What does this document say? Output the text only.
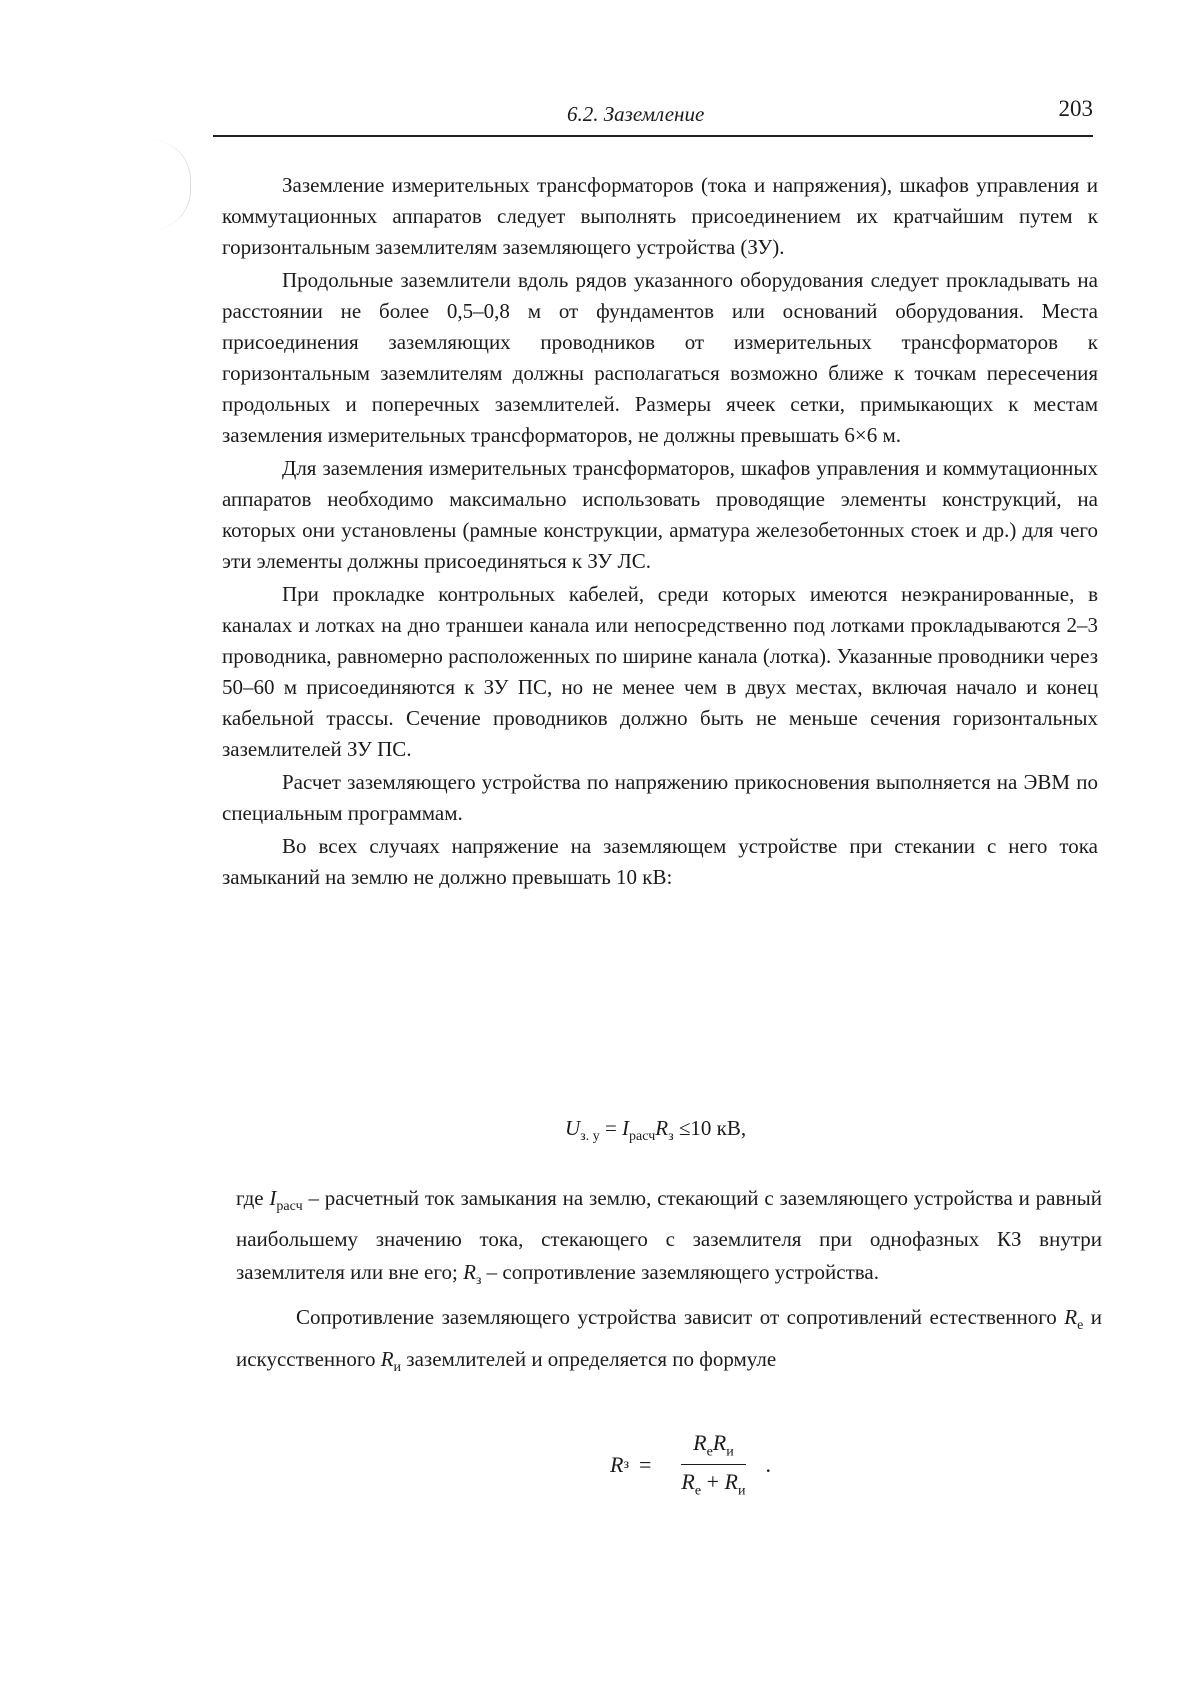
6.2. Заземление	203

Заземление измерительных трансформаторов (тока и напряжения), шкафов управления и коммутационных аппаратов следует выполнять присоединением их кратчайшим путем к горизонтальным заземлителям заземляющего устройства (ЗУ).

Продольные заземлители вдоль рядов указанного оборудования следует прокладывать на расстоянии не более 0,5–0,8 м от фундаментов или оснований оборудования. Места присоединения заземляющих проводников от измерительных трансформаторов к горизонтальным заземлителям должны располагаться возможно ближе к точкам пересечения продольных и поперечных заземлителей. Размеры ячеек сетки, примыкающих к местам заземления измерительных трансформаторов, не должны превышать 6×6 м.

Для заземления измерительных трансформаторов, шкафов управления и коммутационных аппаратов необходимо максимально использовать проводящие элементы конструкций, на которых они установлены (рамные конструкции, арматура железобетонных стоек и др.) для чего эти элементы должны присоединяться к ЗУ ЛС.

При прокладке контрольных кабелей, среди которых имеются неэкранированные, в каналах и лотках на дно траншеи канала или непосредственно под лотками прокладываются 2–3 проводника, равномерно расположенных по ширине канала (лотка). Указанные проводники через 50–60 м присоединяются к ЗУ ПС, но не менее чем в двух местах, включая начало и конец кабельной трассы. Сечение проводников должно быть не меньше сечения горизонтальных заземлителей ЗУ ПС.

Расчет заземляющего устройства по напряжению прикосновения выполняется на ЭВМ по специальным программам.

Во всех случаях напряжение на заземляющем устройстве при стекании с него тока замыканий на землю не должно превышать 10 кВ:

$U_{з. у} = I_{расч}R_з \le 10$ кВ,

где $I_{расч}$ – расчетный ток замыкания на землю, стекающий с заземляющего устройства и равный наибольшему значению тока, стекающего с заземлителя при однофазных КЗ внутри заземлителя или вне его; $R_з$ – сопротивление заземляющего устройства.

Сопротивление заземляющего устройства зависит от сопротивлений естественного $R_е$ и искусственного $R_и$ заземлителей и определяется по формуле

R $з = \frac{R_еR_и}{R_е + R_и}$ .
